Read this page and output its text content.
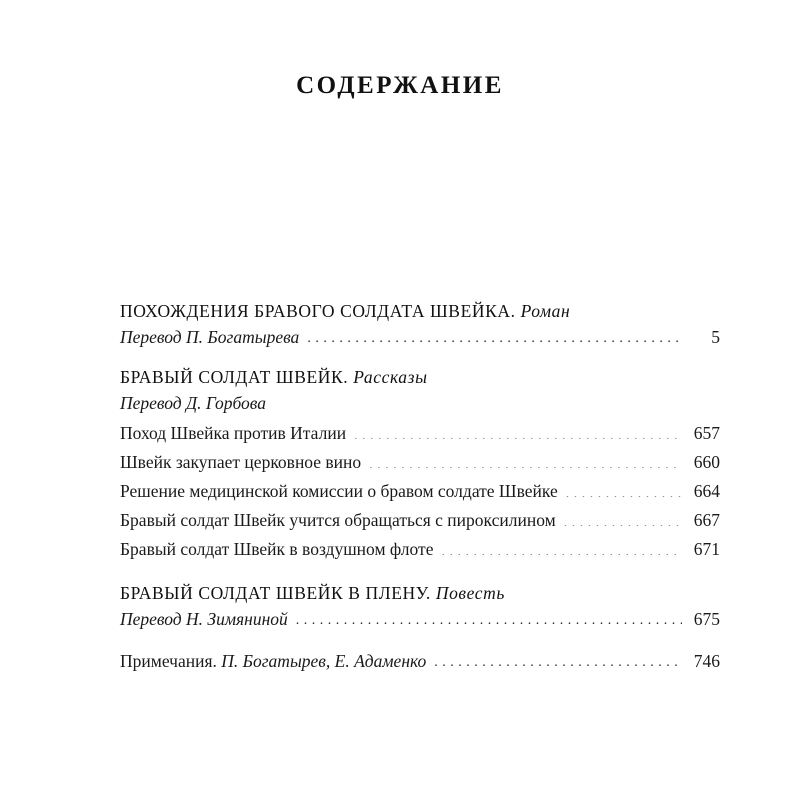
СОДЕРЖАНИЕ
ПОХОЖДЕНИЯ БРАВОГО СОЛДАТА ШВЕЙКА. Роман
Перевод П. Богатырева . . .	5
БРАВЫЙ СОЛДАТ ШВЕЙК. Рассказы
Перевод Д. Горбова
Поход Швейка против Италии . . .	657
Швейк закупает церковное вино . . .	660
Решение медицинской комиссии о бравом солдате Швейке . . .	664
Бравый солдат Швейк учится обращаться с пироксилином . . .	667
Бравый солдат Швейк в воздушном флоте . . .	671
БРАВЫЙ СОЛДАТ ШВЕЙК В ПЛЕНУ. Повесть
Перевод Н. Зимяниной . . .	675
Примечания. П. Богатырев, Е. Адаменко . . .	746
